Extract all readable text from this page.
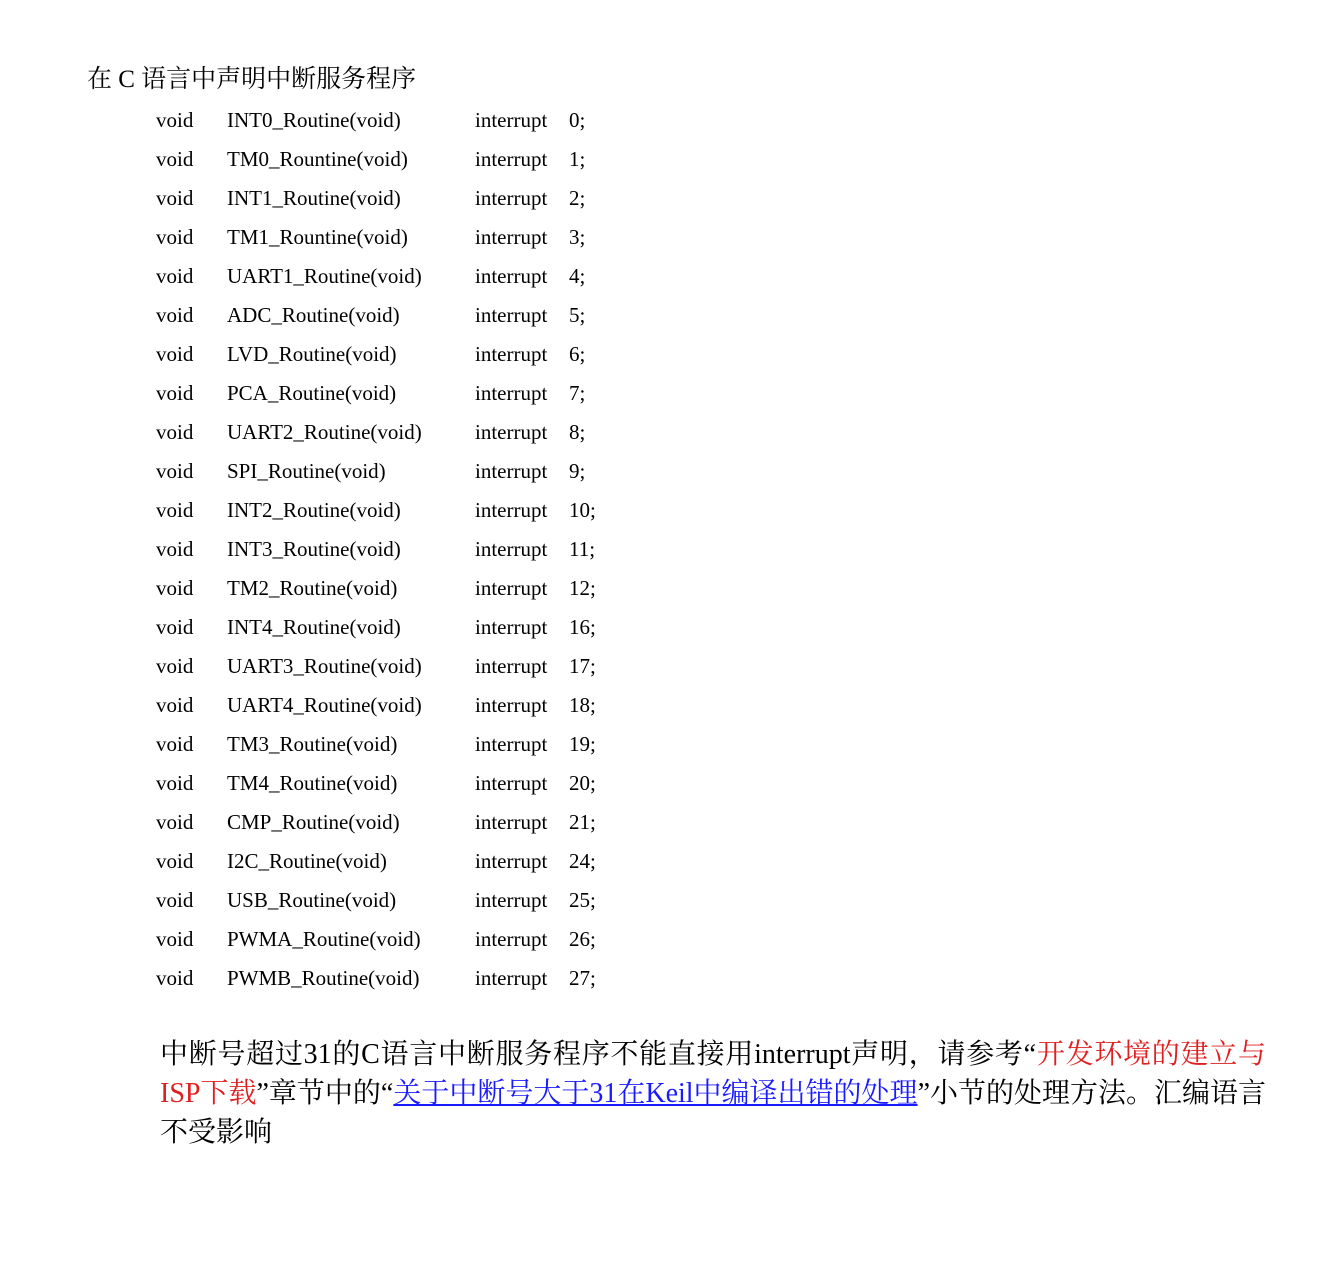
在 C 语言中声明中断服务程序
void INT0_Routine(void)	interrupt 0;
void TM0_Rountine(void)	interrupt 1;
void INT1_Routine(void)	interrupt 2;
void TM1_Rountine(void)	interrupt 3;
void UART1_Routine(void)	interrupt 4;
void ADC_Routine(void)	interrupt 5;
void LVD_Routine(void)	interrupt 6;
void PCA_Routine(void)	interrupt 7;
void UART2_Routine(void)	interrupt 8;
void SPI_Routine(void)	interrupt 9;
void INT2_Routine(void)	interrupt 10;
void INT3_Routine(void)	interrupt 11;
void TM2_Routine(void)	interrupt 12;
void INT4_Routine(void)	interrupt 16;
void UART3_Routine(void)	interrupt 17;
void UART4_Routine(void)	interrupt 18;
void TM3_Routine(void)	interrupt 19;
void TM4_Routine(void)	interrupt 20;
void CMP_Routine(void)	interrupt 21;
void I2C_Routine(void)	interrupt 24;
void USB_Routine(void)	interrupt 25;
void PWMA_Routine(void)	interrupt 26;
void PWMB_Routine(void)	interrupt 27;
中断号超过31的C语言中断服务程序不能直接用interrupt声明，请参考“开发环境的建立与ISP下载”章节中的“关于中断号大于31在Keil中编译出错的处理”小节的处理方法。汇编语言不受影响
